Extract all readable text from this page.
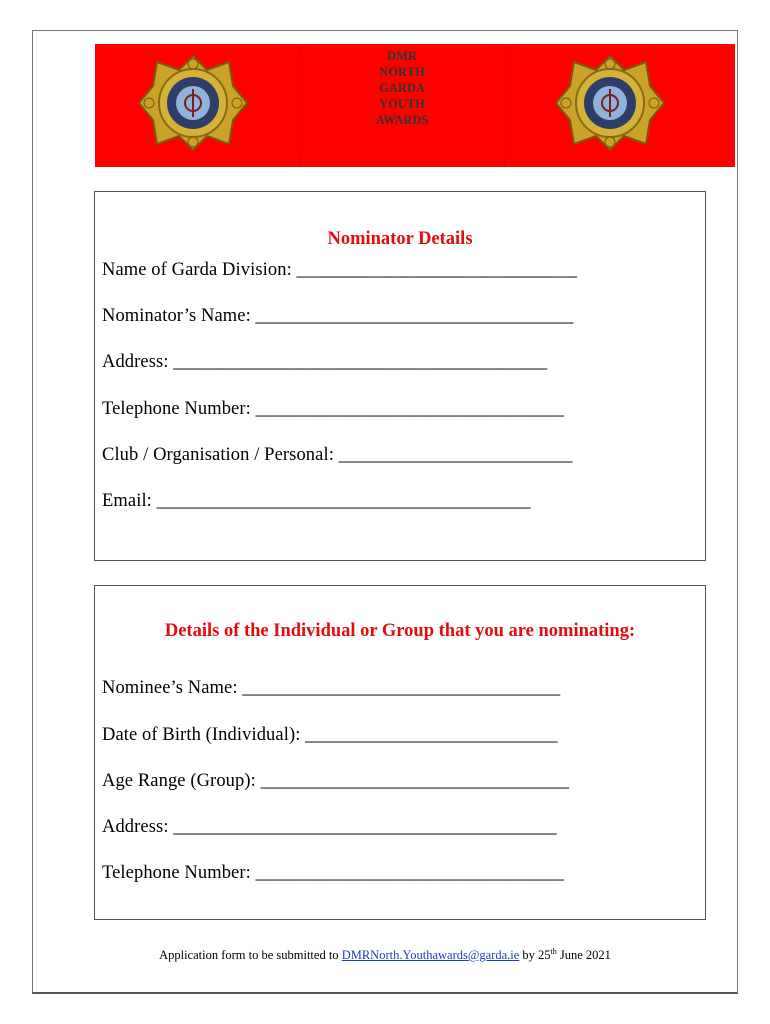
DMR
NORTH
GARDA
YOUTH
AWARDS
Nominator Details
Name of Garda Division: ______________________________
Nominator’s Name: __________________________________
Address: ________________________________________
Telephone Number: _________________________________
Club / Organisation / Personal: _________________________
Email: ________________________________________
Details of the Individual or Group that you are nominating:
Nominee’s Name: __________________________________
Date of Birth (Individual): ___________________________
Age Range (Group): _________________________________
Address: _________________________________________
Telephone Number: _________________________________
Application form to be submitted to DMRNorth.Youthawards@garda.ie by 25th June 2021
